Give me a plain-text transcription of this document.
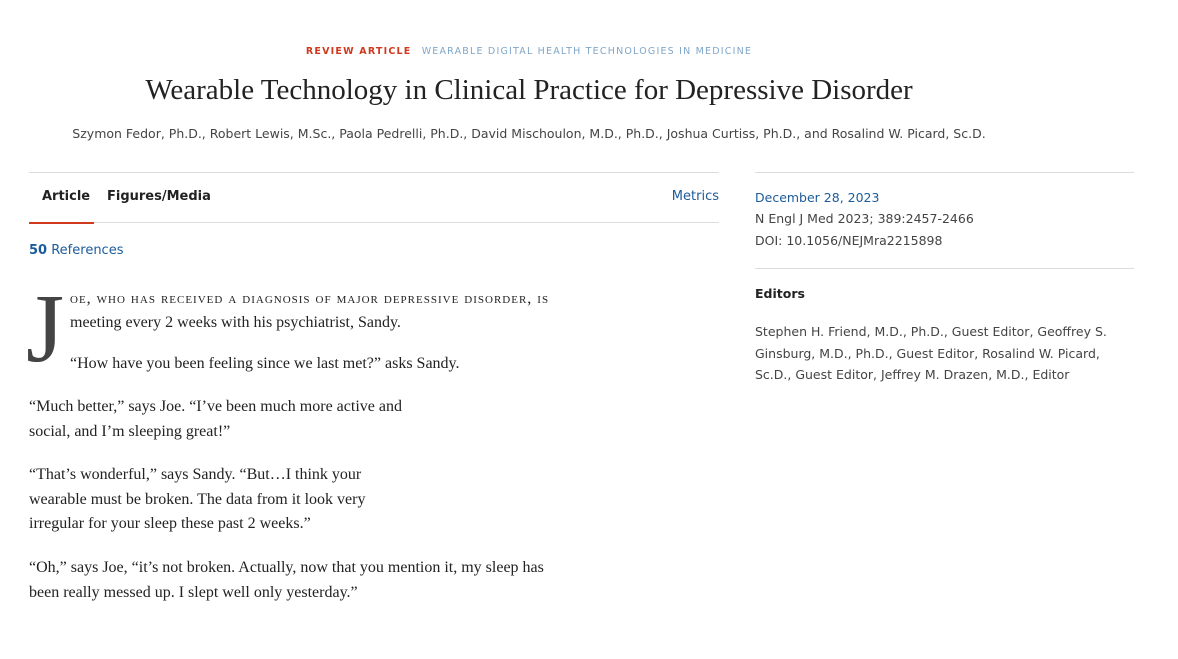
REVIEW ARTICLE WEARABLE DIGITAL HEALTH TECHNOLOGIES IN MEDICINE
Wearable Technology in Clinical Practice for Depressive Disorder
Szymon Fedor, Ph.D., Robert Lewis, M.Sc., Paola Pedrelli, Ph.D., David Mischoulon, M.D., Ph.D., Joshua Curtiss, Ph.D., and Rosalind W. Picard, Sc.D.
Article Figures/Media	Metrics
50 References
J oe, who has received a diagnosis of major depressive disorder, is
meeting every 2 weeks with his psychiatrist, Sandy.

“How have you been feeling since we last met?” asks Sandy.

“Much better,” says Joe. “I’ve been much more active and social, and I’m sleeping great!”

“That’s wonderful,” says Sandy. “But…I think your wearable must be broken. The data from it look very irregular for your sleep these past 2 weeks.”

“Oh,” says Joe, “it’s not broken. Actually, now that you mention it, my sleep has been really messed up. I slept well only yesterday.”

December 28, 2023
N Engl J Med 2023; 389:2457-2466
DOI: 10.1056/NEJMra2215898
Editors

Stephen H. Friend, M.D., Ph.D., Guest Editor, Geoffrey S. Ginsburg, M.D., Ph.D., Guest Editor, Rosalind W. Picard, Sc.D., Guest Editor, Jeffrey M. Drazen, M.D., Editor
